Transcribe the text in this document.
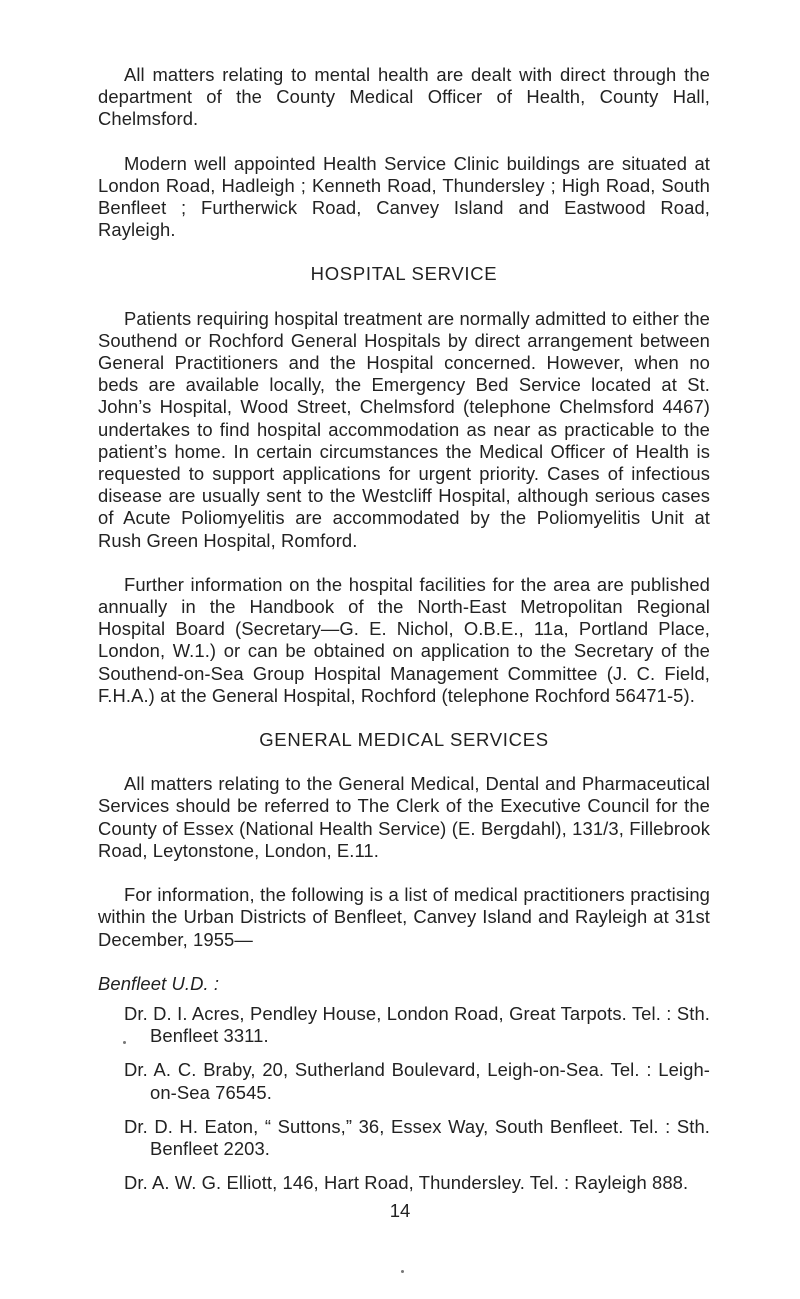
All matters relating to mental health are dealt with direct through the department of the County Medical Officer of Health, County Hall, Chelmsford.

Modern well appointed Health Service Clinic buildings are situated at London Road, Hadleigh ; Kenneth Road, Thundersley ; High Road, South Benfleet ; Furtherwick Road, Canvey Island and Eastwood Road, Rayleigh.

HOSPITAL SERVICE

Patients requiring hospital treatment are normally admitted to either the Southend or Rochford General Hospitals by direct arrangement between General Practitioners and the Hospital concerned. However, when no beds are available locally, the Emergency Bed Service located at St. John’s Hospital, Wood Street, Chelmsford (telephone Chelmsford 4467) undertakes to find hospital accommodation as near as practicable to the patient’s home. In certain circumstances the Medical Officer of Health is requested to support applications for urgent priority. Cases of infectious disease are usually sent to the Westcliff Hospital, although serious cases of Acute Poliomyelitis are accommodated by the Poliomyelitis Unit at Rush Green Hospital, Romford.

Further information on the hospital facilities for the area are published annually in the Handbook of the North-East Metropolitan Regional Hospital Board (Secretary—G. E. Nichol, O.B.E., 11a, Portland Place, London, W.1.) or can be obtained on application to the Secretary of the Southend-on-Sea Group Hospital Management Committee (J. C. Field, F.H.A.) at the General Hospital, Rochford (telephone Rochford 56471-5).

GENERAL MEDICAL SERVICES

All matters relating to the General Medical, Dental and Pharmaceutical Services should be referred to The Clerk of the Executive Council for the County of Essex (National Health Service) (E. Bergdahl), 131/3, Fillebrook Road, Leytonstone, London, E.11.

For information, the following is a list of medical practitioners practising within the Urban Districts of Benfleet, Canvey Island and Rayleigh at 31st December, 1955—

Benfleet U.D. :

Dr. D. I. Acres, Pendley House, London Road, Great Tarpots. Tel. : Sth. Benfleet 3311.

Dr. A. C. Braby, 20, Sutherland Boulevard, Leigh-on-Sea. Tel. : Leigh-on-Sea 76545.

Dr. D. H. Eaton, “ Suttons,” 36, Essex Way, South Benfleet. Tel. : Sth. Benfleet 2203.

Dr. A. W. G. Elliott, 146, Hart Road, Thundersley. Tel. : Rayleigh 888.

14
